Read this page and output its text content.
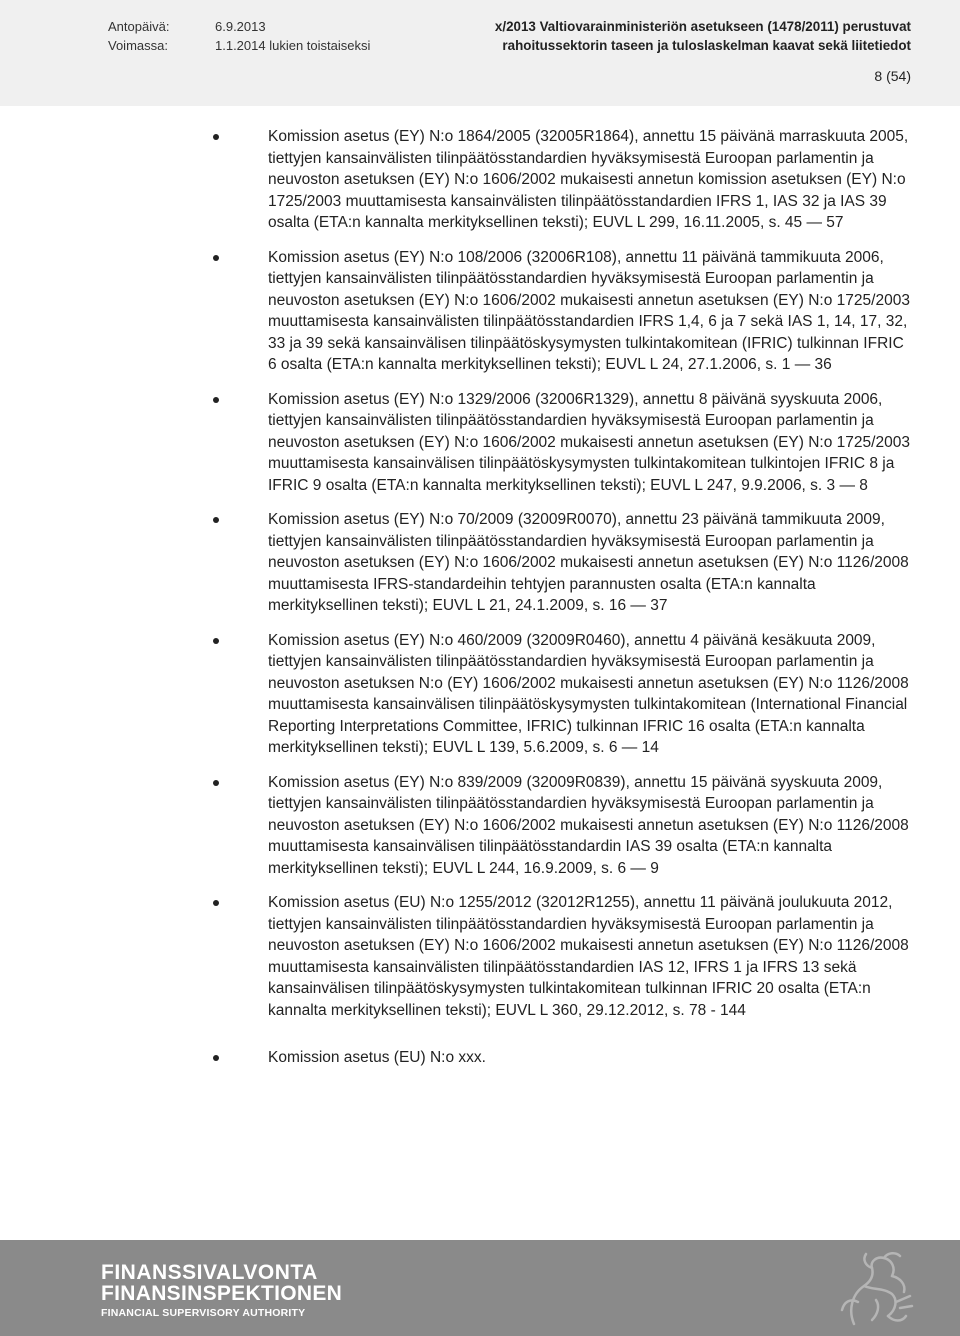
Antopäivä:	6.9.2013
Voimassa:	1.1.2014 lukien toistaiseksi
x/2013 Valtiovarainministeriön asetukseen (1478/2011) perustuvat
rahoitussektorin taseen ja tuloslaskelman kaavat sekä liitetiedot
8 (54)
Komission asetus (EY) N:o 1864/2005 (32005R1864), annettu 15 päivänä marraskuuta 2005, tiettyjen kansainvälisten tilinpäätösstandardien hyväksymisestä Euroopan parlamentin ja neuvoston asetuksen (EY) N:o 1606/2002 mukaisesti annetun komission asetuksen (EY) N:o 1725/2003 muuttamisesta kansainvälisten tilinpäätösstandardien IFRS 1, IAS 32 ja IAS 39 osalta (ETA:n kannalta merkityksellinen teksti); EUVL L 299, 16.11.2005, s. 45 — 57
Komission asetus (EY) N:o 108/2006 (32006R108), annettu 11 päivänä tammikuuta 2006, tiettyjen kansainvälisten tilinpäätösstandardien hyväksymisestä Euroopan parlamentin ja neuvoston asetuksen (EY) N:o 1606/2002 mukaisesti annetun asetuksen (EY) N:o 1725/2003 muuttamisesta kansainvälisten tilinpäätösstandardien IFRS 1,4, 6 ja 7 sekä IAS 1, 14, 17, 32, 33 ja 39 sekä kansainvälisen tilinpäätöskysymysten tulkintakomitean (IFRIC) tulkinnan IFRIC 6 osalta (ETA:n kannalta merkityksellinen teksti); EUVL L 24, 27.1.2006, s. 1 — 36
Komission asetus (EY) N:o 1329/2006 (32006R1329), annettu 8 päivänä syyskuuta 2006, tiettyjen kansainvälisten tilinpäätösstandardien hyväksymisestä Euroopan parlamentin ja neuvoston asetuksen (EY) N:o 1606/2002 mukaisesti annetun asetuksen (EY) N:o 1725/2003 muuttamisesta kansainvälisen tilinpäätöskysymysten tulkintakomitean tulkintojen IFRIC 8 ja IFRIC 9 osalta (ETA:n kannalta merkityksellinen teksti); EUVL L 247, 9.9.2006, s. 3 — 8
Komission asetus (EY) N:o 70/2009 (32009R0070), annettu 23 päivänä tammikuuta 2009, tiettyjen kansainvälisten tilinpäätösstandardien hyväksymisestä Euroopan parlamentin ja neuvoston asetuksen (EY) N:o 1606/2002 mukaisesti annetun asetuksen (EY) N:o 1126/2008 muuttamisesta IFRS-standardeihin tehtyjen parannusten osalta (ETA:n kannalta merkityksellinen teksti); EUVL L 21, 24.1.2009, s. 16 — 37
Komission asetus (EY) N:o 460/2009 (32009R0460), annettu 4 päivänä kesäkuuta 2009, tiettyjen kansainvälisten tilinpäätösstandardien hyväksymisestä Euroopan parlamentin ja neuvoston asetuksen N:o (EY) 1606/2002 mukaisesti annetun asetuksen (EY) N:o 1126/2008 muuttamisesta kansainvälisen tilinpäätöskysymysten tulkintakomitean (International Financial Reporting Interpretations Committee, IFRIC) tulkinnan IFRIC 16 osalta (ETA:n kannalta merkityksellinen teksti); EUVL L 139, 5.6.2009, s. 6 — 14
Komission asetus (EY) N:o 839/2009 (32009R0839), annettu 15 päivänä syyskuuta 2009, tiettyjen kansainvälisten tilinpäätösstandardien hyväksymisestä Euroopan parlamentin ja neuvoston asetuksen (EY) N:o 1606/2002 mukaisesti annetun asetuksen (EY) N:o 1126/2008 muuttamisesta kansainvälisen tilinpäätösstandardin IAS 39 osalta (ETA:n kannalta merkityksellinen teksti); EUVL L 244, 16.9.2009, s. 6 — 9
Komission asetus (EU) N:o 1255/2012 (32012R1255), annettu 11 päivänä joulukuuta 2012, tiettyjen kansainvälisten tilinpäätösstandardien hyväksymisestä Euroopan parlamentin ja neuvoston asetuksen (EY) N:o 1606/2002 mukaisesti annetun asetuksen (EY) N:o 1126/2008 muuttamisesta kansainvälisten tilinpäätösstandardien IAS 12, IFRS 1 ja IFRS 13 sekä kansainvälisen tilinpäätöskysymysten tulkintakomitean tulkinnan IFRIC 20 osalta (ETA:n kannalta merkityksellinen teksti); EUVL L 360, 29.12.2012, s. 78 - 144
Komission asetus (EU) N:o xxx.
FINANSSIVALVONTA
FINANSINSPEKTIONEN
FINANCIAL SUPERVISORY AUTHORITY
